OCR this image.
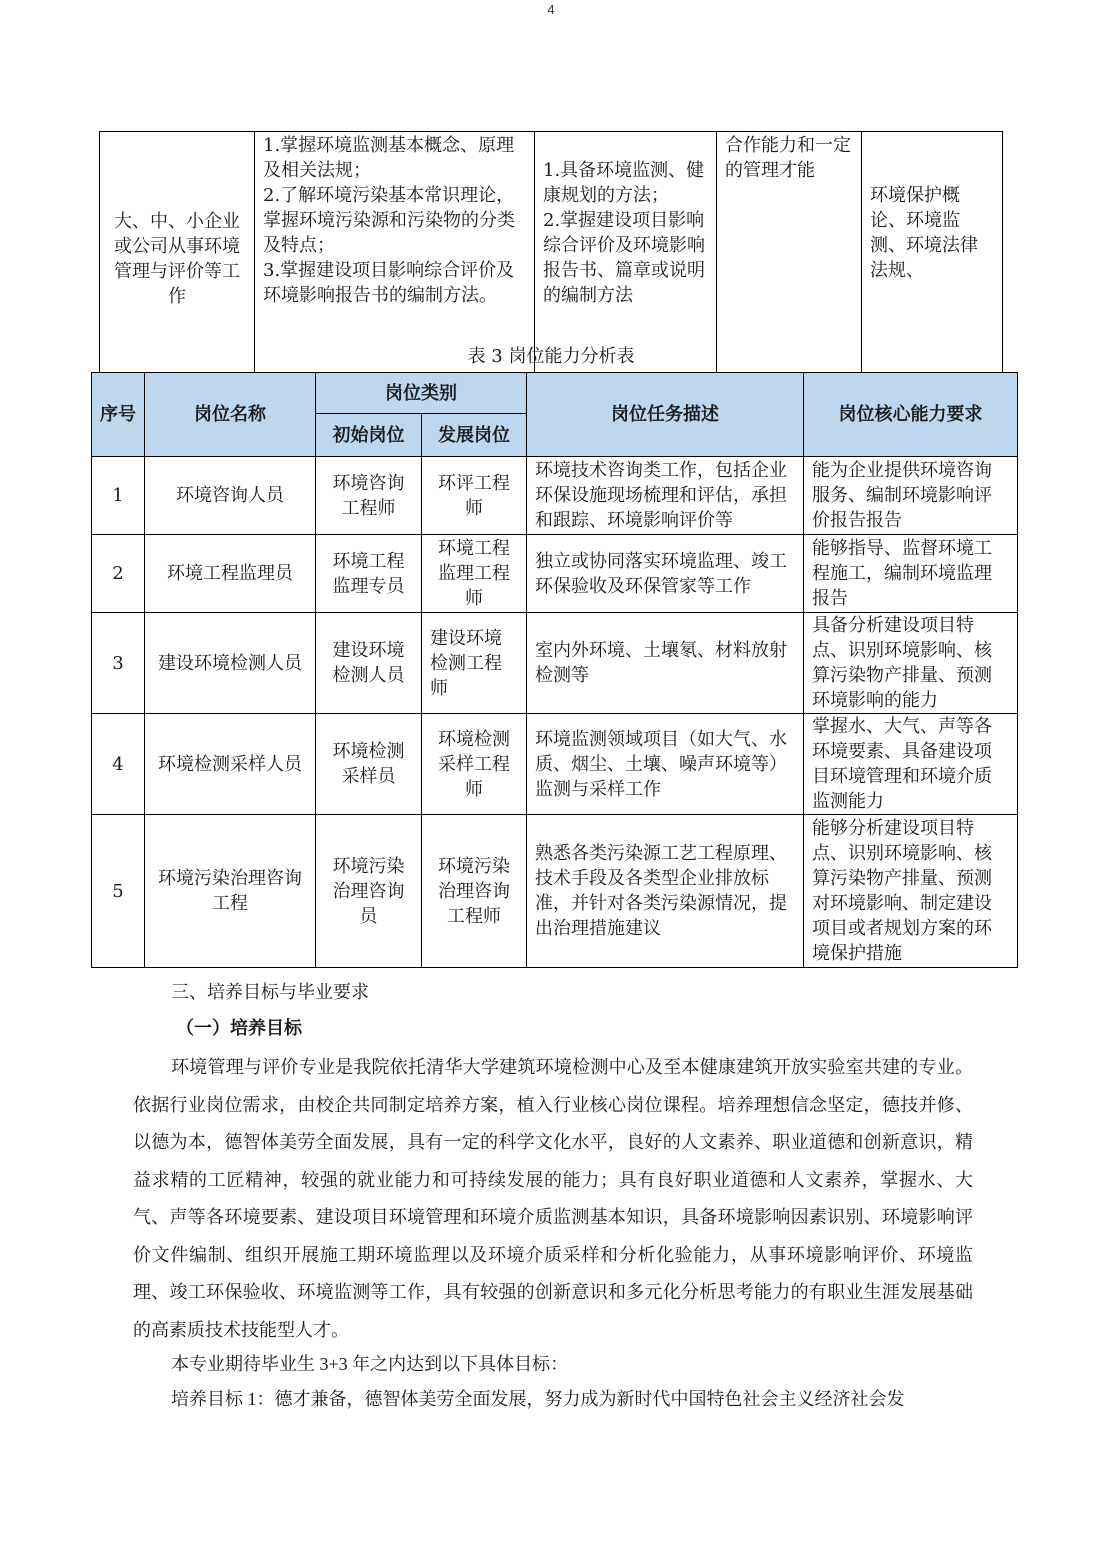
4
大、中、小企业或公司从事环境管理与评价等工作	1.掌握环境监测基本概念、原理及相关法规；
2.了解环境污染基本常识理论，掌握环境污染源和污染物的分类及特点；
3.掌握建设项目影响综合评价及环境影响报告书的编制方法。	1.具备环境监测、健康规划的方法；
2.掌握建设项目影响综合评价及环境影响报告书、篇章或说明的编制方法	合作能力和一定的管理才能	环境保护概论、环境监测、环境法律法规、
表 3 岗位能力分析表
序号	岗位名称	岗位类别		岗位任务描述	岗位核心能力要求
		初始岗位	发展岗位		
1	环境咨询人员	环境咨询工程师	环评工程师	环境技术咨询类工作，包括企业环保设施现场梳理和评估，承担和跟踪、环境影响评价等	能为企业提供环境咨询服务、编制环境影响评价报告报告
2	环境工程监理员	环境工程监理专员	环境工程监理工程师	独立或协同落实环境监理、竣工环保验收及环保管家等工作	能够指导、监督环境工程施工，编制环境监理报告
3	建设环境检测人员	建设环境检测人员	建设环境检测工程师	室内外环境、土壤氡、材料放射检测等	具备分析建设项目特点、识别环境影响、核算污染物产排量、预测环境影响的能力
4	环境检测采样人员	环境检测采样员	环境检测采样工程师	环境监测领域项目（如大气、水质、烟尘、土壤、噪声环境等）监测与采样工作	掌握水、大气、声等各环境要素、具备建设项目环境管理和环境介质监测能力
5	环境污染治理咨询工程	环境污染治理咨询员	环境污染治理咨询工程师	熟悉各类污染源工艺工程原理、技术手段及各类型企业排放标准，并针对各类污染源情况，提出治理措施建议	能够分析建设项目特点、识别环境影响、核算污染物产排量、预测对环境影响、制定建设项目或者规划方案的环境保护措施
三、培养目标与毕业要求
（一）培养目标
环境管理与评价专业是我院依托清华大学建筑环境检测中心及至本健康建筑开放实验室共建的专业。依据行业岗位需求，由校企共同制定培养方案，植入行业核心岗位课程。培养理想信念坚定，德技并修、以德为本，德智体美劳全面发展，具有一定的科学文化水平，良好的人文素养、职业道德和创新意识，精益求精的工匠精神，较强的就业能力和可持续发展的能力；具有良好职业道德和人文素养，掌握水、大气、声等各环境要素、建设项目环境管理和环境介质监测基本知识，具备环境影响因素识别、环境影响评价文件编制、组织开展施工期环境监理以及环境介质采样和分析化验能力，从事环境影响评价、环境监理、竣工环保验收、环境监测等工作，具有较强的创新意识和多元化分析思考能力的有职业生涯发展基础的高素质技术技能型人才。
本专业期待毕业生 3+3 年之内达到以下具体目标：
培养目标 1：德才兼备，德智体美劳全面发展，努力成为新时代中国特色社会主义经济社会发
